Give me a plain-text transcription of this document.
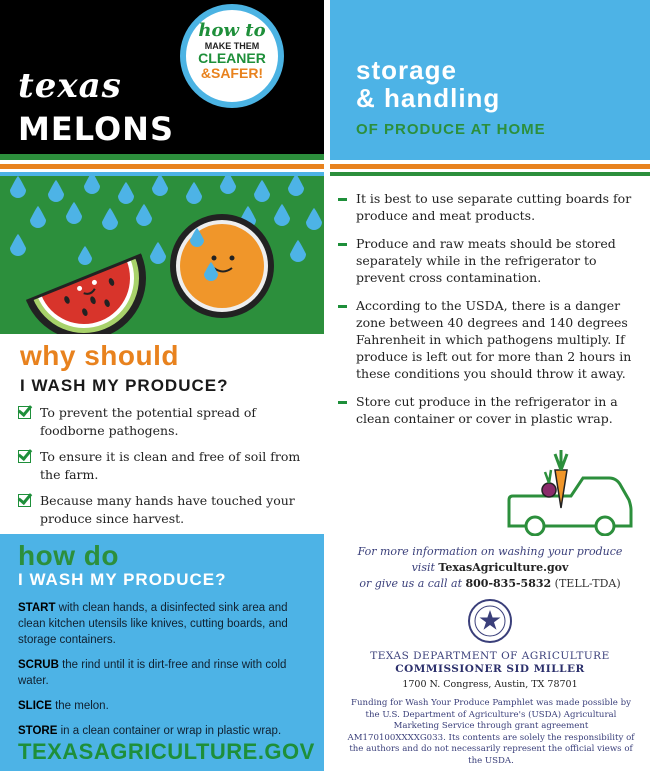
texas
MELONS
how to
MAKE THEM
CLEANER
&SAFER!
why should
I WASH MY PRODUCE?
To prevent the potential spread of foodborne pathogens.
To ensure it is clean and free of soil from the farm.
Because many hands have touched your produce since harvest.
how do
I WASH MY PRODUCE?

START with clean hands, a disinfected sink area and clean kitchen utensils like knives, cutting boards, and storage containers.

SCRUB the rind until it is dirt-free and rinse with cold water.

SLICE the melon.

STORE in a clean container or wrap in plastic wrap.

TEXASAGRICULTURE.GOV
storage
& handling
OF PRODUCE AT HOME
It is best to use separate cutting boards for produce and meat products.
Produce and raw meats should be stored separately while in the refrigerator to prevent cross contamination.
According to the USDA, there is a danger zone between 40 degrees and 140 degrees Fahrenheit in which pathogens multiply. If produce is left out for more than 2 hours in these conditions you should throw it away.
Store cut produce in the refrigerator in a clean container or cover in plastic wrap.
For more information on washing your produce
visit TexasAgriculture.gov
or give us a call at 800-835-5832 (TELL-TDA)
TEXAS DEPARTMENT OF AGRICULTURE
COMMISSIONER SID MILLER
1700 N. Congress, Austin, TX 78701
Funding for Wash Your Produce Pamphlet was made possible by the U.S. Department of Agriculture's (USDA) Agricultural Marketing Service through grant agreement AM170100XXXXG033. Its contents are solely the responsibility of the authors and do not necessarily represent the official views of the USDA.
